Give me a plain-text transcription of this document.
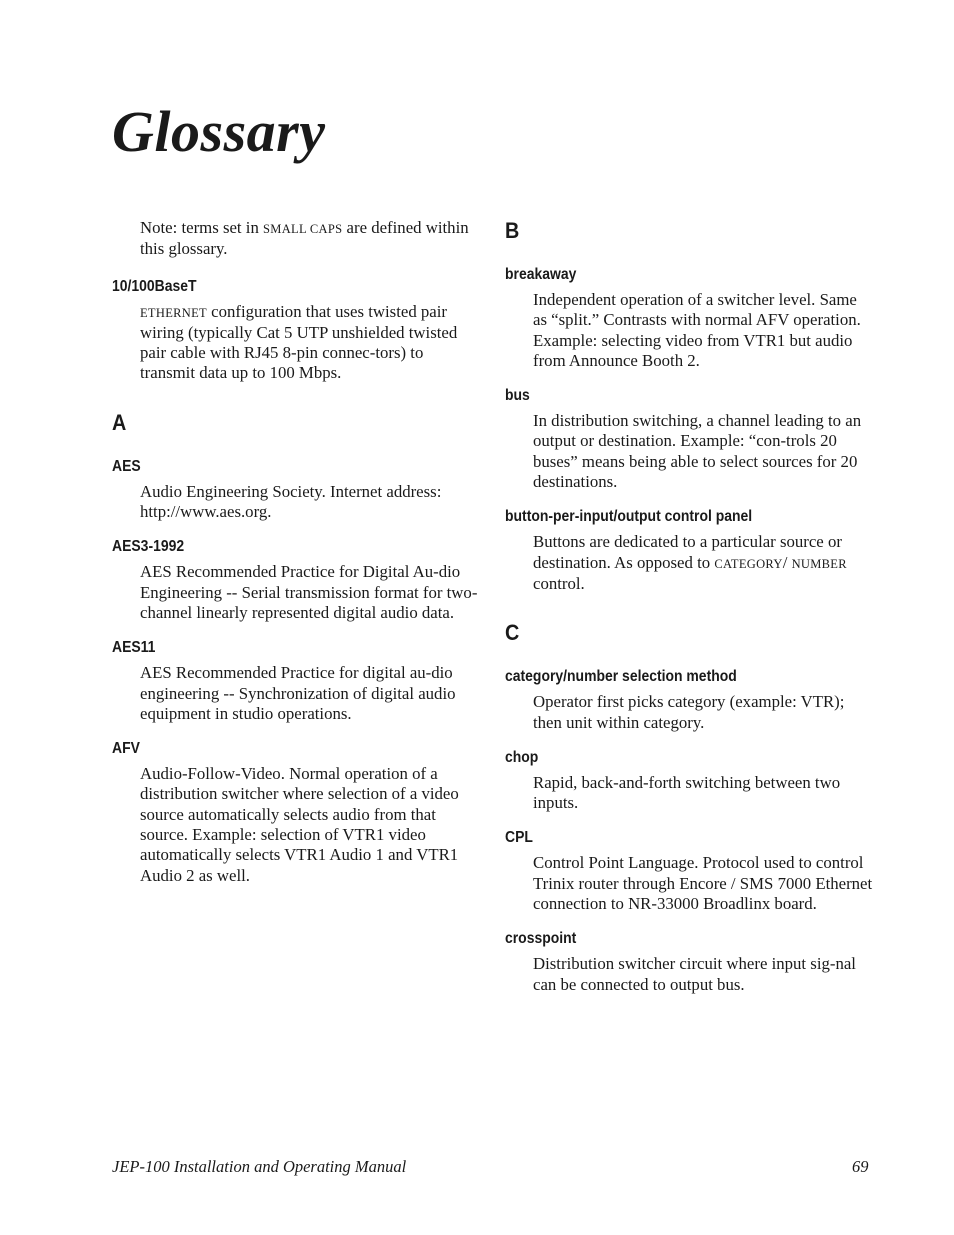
Glossary

Note: terms set in SMALL CAPS are defined within this glossary.

10/100BaseT

ETHERNET configuration that uses twisted pair wiring (typically Cat 5 UTP unshielded twisted pair cable with RJ45 8-pin connec-tors) to transmit data up to 100 Mbps.

A
AES

Audio Engineering Society. Internet address: http://www.aes.org.

AES3-1992

AES Recommended Practice for Digital Au-dio Engineering -- Serial transmission format for two-channel linearly represented digital audio data.

AES11

AES Recommended Practice for digital au-dio engineering -- Synchronization of digital audio equipment in studio operations.

AFV

Audio-Follow-Video. Normal operation of a distribution switcher where selection of a video source automatically selects audio from that source. Example: selection of VTR1 video automatically selects VTR1 Audio 1 and VTR1 Audio 2 as well.

B
breakaway

Independent operation of a switcher level. Same as “split.” Contrasts with normal AFV operation. Example: selecting video from VTR1 but audio from Announce Booth 2.

bus

In distribution switching, a channel leading to an output or destination. Example: “con-trols 20 buses” means being able to select sources for 20 destinations.

button-per-input/output control panel

Buttons are dedicated to a particular source or destination. As opposed to CATEGORY/ NUMBER control.

C
category/number selection method

Operator first picks category (example: VTR); then unit within category.

chop

Rapid, back-and-forth switching between two inputs.

CPL

Control Point Language. Protocol used to control Trinix router through Encore / SMS 7000 Ethernet connection to NR-33000 Broadlinx board.

crosspoint

Distribution switcher circuit where input sig-nal can be connected to output bus.

JEP-100 Installation and Operating Manual	69
